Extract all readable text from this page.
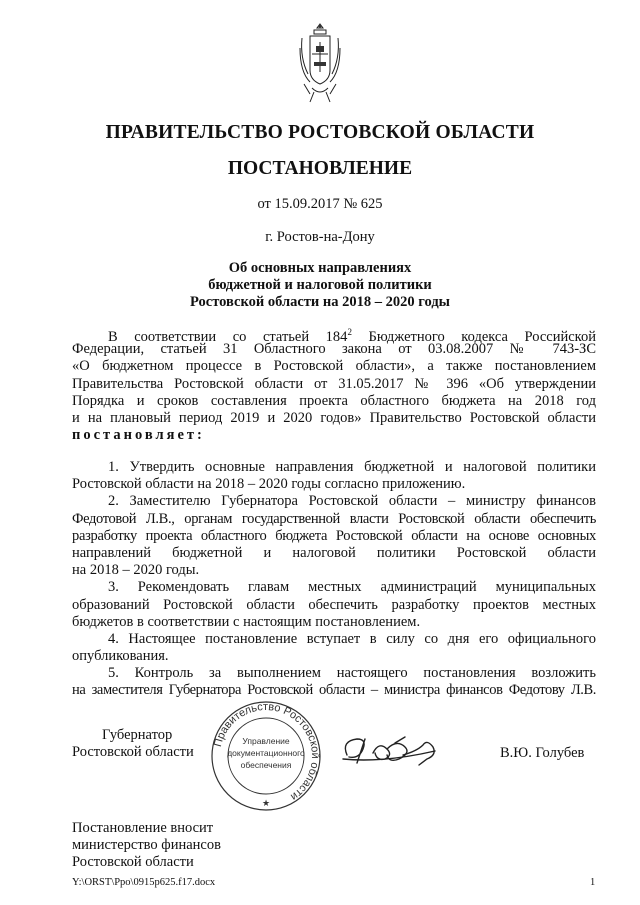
ПРАВИТЕЛЬСТВО РОСТОВСКОЙ ОБЛАСТИ
ПОСТАНОВЛЕНИЕ
от 15.09.2017 № 625
г. Ростов-на-Дону
Об основных направлениях
бюджетной и налоговой политики
Ростовской области на 2018 – 2020 годы
В соответствии со статьей $184^2$ Бюджетного кодекса Российской
Федерации, статьей 31 Областного закона от 03.08.2007 № 743-ЗС
«О бюджетном процессе в Ростовской области», а также постановлением
Правительства Ростовской области от 31.05.2017 № 396 «Об утверждении
Порядка и сроков составления проекта областного бюджета на 2018 год
и на плановый период 2019 и 2020 годов» Правительство Ростовской области
постановляет:
1. Утвердить основные направления бюджетной и налоговой политики
Ростовской области на 2018 – 2020 годы согласно приложению.
2. Заместителю Губернатора Ростовской области – министру финансов
Федотовой Л.В., органам государственной власти Ростовской области обеспечить
разработку проекта областного бюджета Ростовской области на основе основных
направлений бюджетной и налоговой политики Ростовской области
на 2018 – 2020 годы.
3. Рекомендовать главам местных администраций муниципальных
образований Ростовской области обеспечить разработку проектов местных
бюджетов в соответствии с настоящим постановлением.
4. Настоящее постановление вступает в силу со дня его официального
опубликования.
5. Контроль за выполнением настоящего постановления возложить
на заместителя Губернатора Ростовской области – министра финансов Федотову Л.В.
Губернатор
Ростовской области
Правительство Ростовской области
Управление
документационного
обеспечения
★
В.Ю. Голубев
Постановление вносит
министерство финансов
Ростовской области
Y:\ORST\Ppo\0915p625.f17.docx	1
